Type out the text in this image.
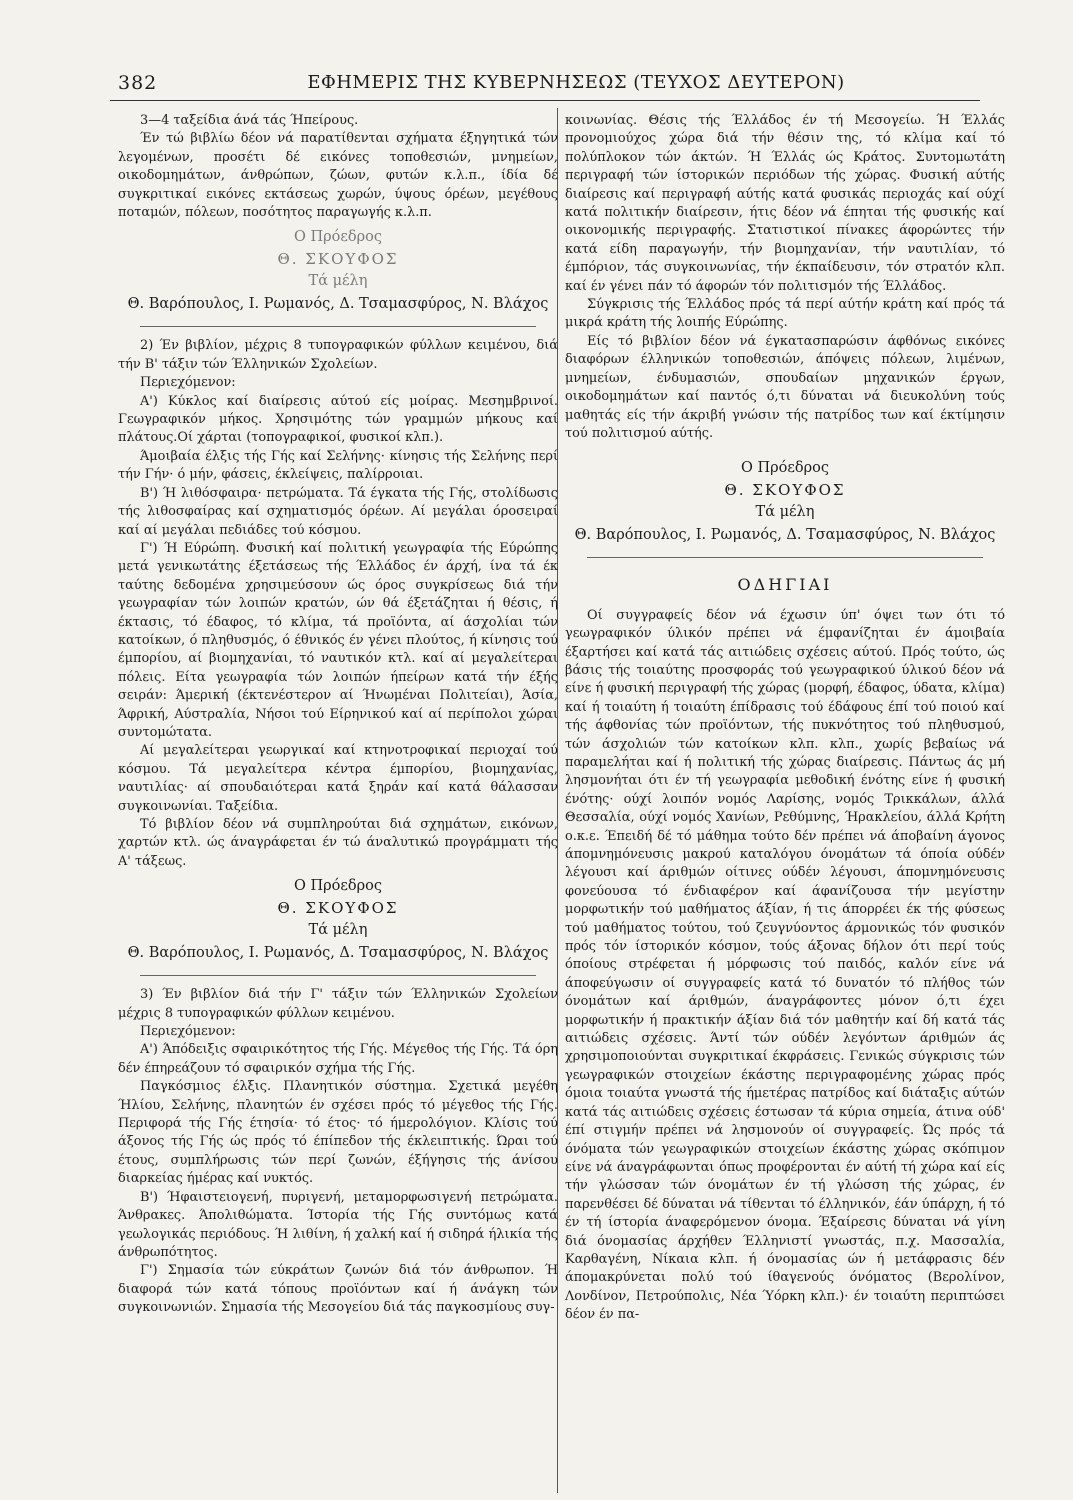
382	ΕΦΗΜΕΡΙΣ ΤΗΣ ΚΥΒΕΡΝΗΣΕΩΣ (ΤΕΥΧΟΣ ΔΕΥΤΕΡΟΝ)

3—4 ταξείδια άνά τάς Ήπείρους.

Έν τώ βιβλίω δέον νά παρατίθενται σχήματα έξηγητικά τών λεγομένων, προσέτι δέ εικόνες τοποθεσιών, μνημείων, οικοδομημάτων, άνθρώπων, ζώων, φυτών κ.λ.π., ίδία δέ συγκριτικαί εικόνες εκτάσεως χωρών, ύψους όρέων, μεγέθους ποταμών, πόλεων, ποσότητος παραγωγής κ.λ.π.

Ο Πρόεδρος
Θ. ΣΚΟΥΦΟΣ
Τά μέλη
Θ. Βαρόπουλος, Ι. Ρωμανός, Δ. Τσαμασφύρος, Ν. Βλάχος

2) Έν βιβλίον, μέχρις 8 τυπογραφικών φύλλων κειμένου, διά τήν Β' τάξιν τών Έλληνικών Σχολείων.

Περιεχόμενον:

Α') Κύκλος καί διαίρεσις αύτού είς μοίρας. Μεσημβρινοί. Γεωγραφικόν μήκος. Χρησιμότης τών γραμμών μήκους καί πλάτους.Οί χάρται (τοπογραφικοί, φυσικοί κλπ.).

Άμοιβαία έλξις τής Γής καί Σελήνης· κίνησις τής Σελήνης περί τήν Γήν· ό μήν, φάσεις, έκλείψεις, παλίρροιαι.

Β') Ή λιθόσφαιρα· πετρώματα. Τά έγκατα τής Γής, στολίδωσις τής λιθοσφαίρας καί σχηματισμός όρέων. Αί μεγάλαι όροσειραί καί αί μεγάλαι πεδιάδες τού κόσμου.

Γ') Ή Εύρώπη. Φυσική καί πολιτική γεωγραφία τής Εύρώπης μετά γενικωτάτης έξετάσεως τής Έλλάδος έν άρχή, ίνα τά έκ ταύτης δεδομένα χρησιμεύσουν ώς όρος συγκρίσεως διά τήν γεωγραφίαν τών λοιπών κρατών, ών θά έξετάζηται ή θέσις, ή έκτασις, τό έδαφος, τό κλίμα, τά προϊόντα, αί άσχολίαι τών κατοίκων, ό πληθυσμός, ό έθνικός έν γένει πλούτος, ή κίνησις τού έμπορίου, αί βιομηχανίαι, τό ναυτικόν κτλ. καί αί μεγαλείτεραι πόλεις. Είτα γεωγραφία τών λοιπών ήπείρων κατά τήν έξής σειράν: Άμερική (έκτενέστερον αί Ήνωμέναι Πολιτείαι), Άσία, Άφρική, Αύστραλία, Νήσοι τού Είρηνικού καί αί περίπολοι χώραι συντομώτατα.

Αί μεγαλείτεραι γεωργικαί καί κτηνοτροφικαί περιοχαί τού κόσμου. Τά μεγαλείτερα κέντρα έμπορίου, βιομηχανίας, ναυτιλίας· αί σπουδαιότεραι κατά ξηράν καί κατά θάλασσαν συγκοινωνίαι. Ταξείδια.

Τό βιβλίον δέον νά συμπληρούται διά σχημάτων, εικόνων, χαρτών κτλ. ώς άναγράφεται έν τώ άναλυτικώ προγράμματι τής Α' τάξεως.

Ο Πρόεδρος
Θ. ΣΚΟΥΦΟΣ
Τά μέλη
Θ. Βαρόπουλος, Ι. Ρωμανός, Δ. Τσαμασφύρος, Ν. Βλάχος

3) Έν βιβλίον διά τήν Γ' τάξιν τών Έλληνικών Σχολείων μέχρις 8 τυπογραφικών φύλλων κειμένου.

Περιεχόμενον:

Α') Άπόδειξις σφαιρικότητος τής Γής. Μέγεθος τής Γής. Τά όρη δέν έπηρεάζουν τό σφαιρικόν σχήμα τής Γής.

Παγκόσμιος έλξις. Πλανητικόν σύστημα. Σχετικά μεγέθη Ήλίου, Σελήνης, πλανητών έν σχέσει πρός τό μέγεθος τής Γής. Περιφορά τής Γής έτησία· τό έτος· τό ήμερολόγιον. Κλίσις τού άξονος τής Γής ώς πρός τό έπίπεδον τής έκλειπτικής. Ώραι τού έτους, συμπλήρωσις τών περί ζωνών, έξήγησις τής άνίσου διαρκείας ήμέρας καί νυκτός.

Β') Ήφαιστειογενή, πυριγενή, μεταμορφωσιγενή πετρώματα. Άνθρακες. Άπολιθώματα. Ίστορία τής Γής συντόμως κατά γεωλογικάς περιόδους. Ή λιθίνη, ή χαλκή καί ή σιδηρά ήλικία τής άνθρωπότητος.

Γ') Σημασία τών εύκράτων ζωνών διά τόν άνθρωπον. Ή διαφορά τών κατά τόπους προϊόντων καί ή άνάγκη τών συγκοινωνιών. Σημασία τής Μεσογείου διά τάς παγκοσμίους συγ-

κοινωνίας. Θέσις τής Έλλάδος έν τή Μεσογείω. Ή Έλλάς προνομιούχος χώρα διά τήν θέσιν της, τό κλίμα καί τό πολύπλοκον τών άκτών. Ή Έλλάς ώς Κράτος. Συντομωτάτη περιγραφή τών ίστορικών περιόδων τής χώρας. Φυσική αύτής διαίρεσις καί περιγραφή αύτής κατά φυσικάς περιοχάς καί ούχί κατά πολιτικήν διαίρεσιν, ήτις δέον νά έπηται τής φυσικής καί οικονομικής περιγραφής. Στατιστικοί πίνακες άφορώντες τήν κατά είδη παραγωγήν, τήν βιομηχανίαν, τήν ναυτιλίαν, τό έμπόριον, τάς συγκοινωνίας, τήν έκπαίδευσιν, τόν στρατόν κλπ. καί έν γένει πάν τό άφορών τόν πολιτισμόν τής Έλλάδος.

Σύγκρισις τής Έλλάδος πρός τά περί αύτήν κράτη καί πρός τά μικρά κράτη τής λοιπής Εύρώπης.

Είς τό βιβλίον δέον νά έγκατασπαρώσιν άφθόνως εικόνες διαφόρων έλληνικών τοποθεσιών, άπόψεις πόλεων, λιμένων, μνημείων, ένδυμασιών, σπουδαίων μηχανικών έργων, οικοδομημάτων καί παντός ό,τι δύναται νά διευκολύνη τούς μαθητάς είς τήν άκριβή γνώσιν τής πατρίδος των καί έκτίμησιν τού πολιτισμού αύτής.

Ο Πρόεδρος
Θ. ΣΚΟΥΦΟΣ
Τά μέλη
Θ. Βαρόπουλος, Ι. Ρωμανός, Δ. Τσαμασφύρος, Ν. Βλάχος
ΟΔΗΓΙΑΙ

Οί συγγραφείς δέον νά έχωσιν ύπ' όψει των ότι τό γεωγραφικόν ύλικόν πρέπει νά έμφανίζηται έν άμοιβαία έξαρτήσει καί κατά τάς αιτιώδεις σχέσεις αύτού. Πρός τούτο, ώς βάσις τής τοιαύτης προσφοράς τού γεωγραφικού ύλικού δέον νά είνε ή φυσική περιγραφή τής χώρας (μορφή, έδαφος, ύδατα, κλίμα) καί ή τοιαύτη ή τοιαύτη έπίδρασις τού έδάφους έπί τού ποιού καί τής άφθονίας τών προϊόντων, τής πυκνότητος τού πληθυσμού, τών άσχολιών τών κατοίκων κλπ. κλπ., χωρίς βεβαίως νά παραμελήται καί ή πολιτική τής χώρας διαίρεσις. Πάντως άς μή λησμονήται ότι έν τή γεωγραφία μεθοδική ένότης είνε ή φυσική ένότης· ούχί λοιπόν νομός Λαρίσης, νομός Τρικκάλων, άλλά Θεσσαλία, ούχί νομός Χανίων, Ρεθύμνης, Ήρακλείου, άλλά Κρήτη ο.κ.ε. Έπειδή δέ τό μάθημα τούτο δέν πρέπει νά άποβαίνη άγονος άπομνημόνευσις μακρού καταλόγου όνομάτων τά όποία ούδέν λέγουσι καί άριθμών οίτινες ούδέν λέγουσι, άπομνημόνευσις φονεύουσα τό ένδιαφέρον καί άφανίζουσα τήν μεγίστην μορφωτικήν τού μαθήματος άξίαν, ή τις άπορρέει έκ τής φύσεως τού μαθήματος τούτου, τού ζευγνύοντος άρμονικώς τόν φυσικόν πρός τόν ίστορικόν κόσμον, τούς άξονας δήλον ότι περί τούς όποίους στρέφεται ή μόρφωσις τού παιδός, καλόν είνε νά άποφεύγωσιν οί συγγραφείς κατά τό δυνατόν τό πλήθος τών όνομάτων καί άριθμών, άναγράφοντες μόνον ό,τι έχει μορφωτικήν ή πρακτικήν άξίαν διά τόν μαθητήν καί δή κατά τάς αιτιώδεις σχέσεις. Άντί τών ούδέν λεγόντων άριθμών άς χρησιμοποιούνται συγκριτικαί έκφράσεις. Γενικώς σύγκρισις τών γεωγραφικών στοιχείων έκάστης περιγραφομένης χώρας πρός όμοια τοιαύτα γνωστά τής ήμετέρας πατρίδος καί διάταξις αύτών κατά τάς αιτιώδεις σχέσεις έστωσαν τά κύρια σημεία, άτινα ούδ' έπί στιγμήν πρέπει νά λησμονούν οί συγγραφείς. Ώς πρός τά όνόματα τών γεωγραφικών στοιχείων έκάστης χώρας σκόπιμον είνε νά άναγράφωνται όπως προφέρονται έν αύτή τή χώρα καί είς τήν γλώσσαν τών όνομάτων έν τή γλώσση τής χώρας, έν παρενθέσει δέ δύναται νά τίθενται τό έλληνικόν, έάν ύπάρχη, ή τό έν τή ίστορία άναφερόμενον όνομα. Έξαίρεσις δύναται νά γίνη διά όνομασίας άρχήθεν Έλληνιστί γνωστάς, π.χ. Μασσαλία, Καρθαγένη, Νίκαια κλπ. ή όνομασίας ών ή μετάφρασις δέν άπομακρύνεται πολύ τού ίθαγενούς όνόματος (Βερολίνον, Λονδίνον, Πετρούπολις, Νέα Ύόρκη κλπ.)· έν τοιαύτη περιπτώσει δέον έν πα-
